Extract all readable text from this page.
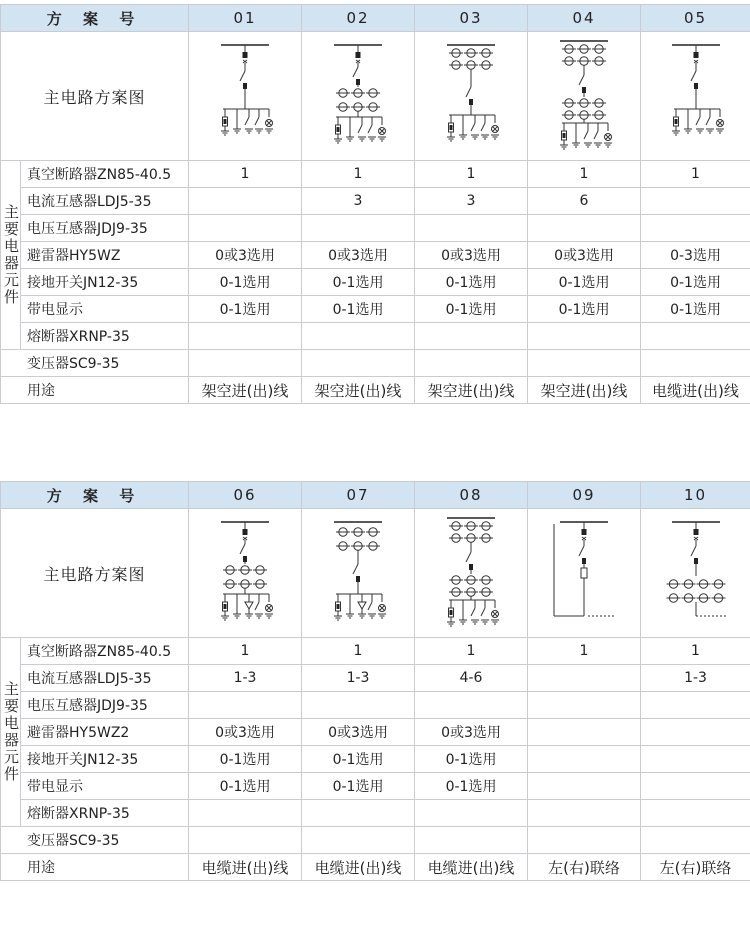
方 案 号		01	02	03	04	05
主电路方案图	

主要电器元件	真空断路器ZN85-40.5	1	1	1	1	1
	电流互感器LDJ5-35		3	3	6	
	电压互感器JDJ9-35					
	避雷器HY5WZ	0或3选用	0或3选用	0或3选用	0或3选用	0-3选用
	接地开关JN12-35	0-1选用	0-1选用	0-1选用	0-1选用	0-1选用
	带电显示	0-1选用	0-1选用	0-1选用	0-1选用	0-1选用
	熔断器XRNP-35					
变压器SC9-35						
用途		架空进(出)线	架空进(出)线	架空进(出)线	架空进(出)线	电缆进(出)线
方 案 号		06	07	08	09	10
主电路方案图	

主要电器元件	真空断路器ZN85-40.5	1	1	1	1	1
	电流互感器LDJ5-35	1-3	1-3	4-6		1-3
	电压互感器JDJ9-35					
	避雷器HY5WZ2	0或3选用	0或3选用	0或3选用		
	接地开关JN12-35	0-1选用	0-1选用	0-1选用		
	带电显示	0-1选用	0-1选用	0-1选用		
	熔断器XRNP-35					
变压器SC9-35						
用途		电缆进(出)线	电缆进(出)线	电缆进(出)线	左(右)联络	左(右)联络
